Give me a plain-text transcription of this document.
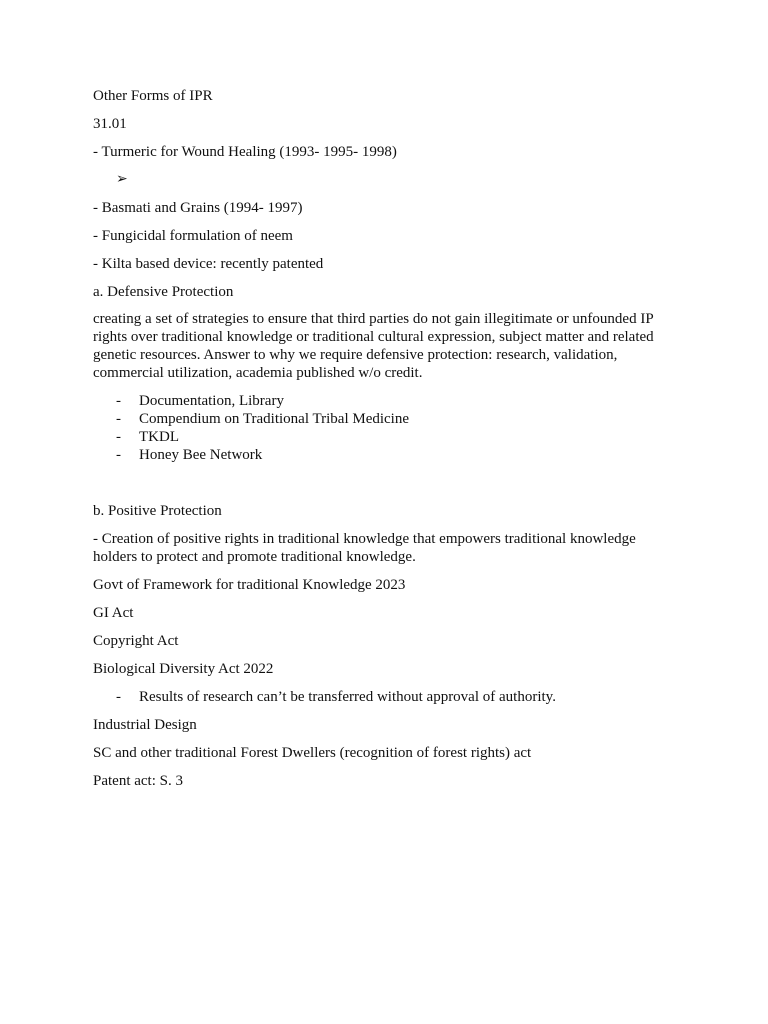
Other Forms of IPR
31.01
- Turmeric for Wound Healing (1993- 1995- 1998)
➢
- Basmati and Grains (1994- 1997)
- Fungicidal formulation of neem
- Kilta based device: recently patented
a. Defensive Protection
creating a set of strategies to ensure that third parties do not gain illegitimate or unfounded IP rights over traditional knowledge or traditional cultural expression, subject matter and related genetic resources. Answer to why we require defensive protection: research, validation, commercial utilization, academia published w/o credit.
- Documentation, Library
- Compendium on Traditional Tribal Medicine
- TKDL
- Honey Bee Network
b. Positive Protection
- Creation of positive rights in traditional knowledge that empowers traditional knowledge holders to protect and promote traditional knowledge.
Govt of Framework for traditional Knowledge 2023
GI Act
Copyright Act
Biological Diversity Act 2022
- Results of research can’t be transferred without approval of authority.
Industrial Design
SC and other traditional Forest Dwellers (recognition of forest rights) act
Patent act: S. 3
